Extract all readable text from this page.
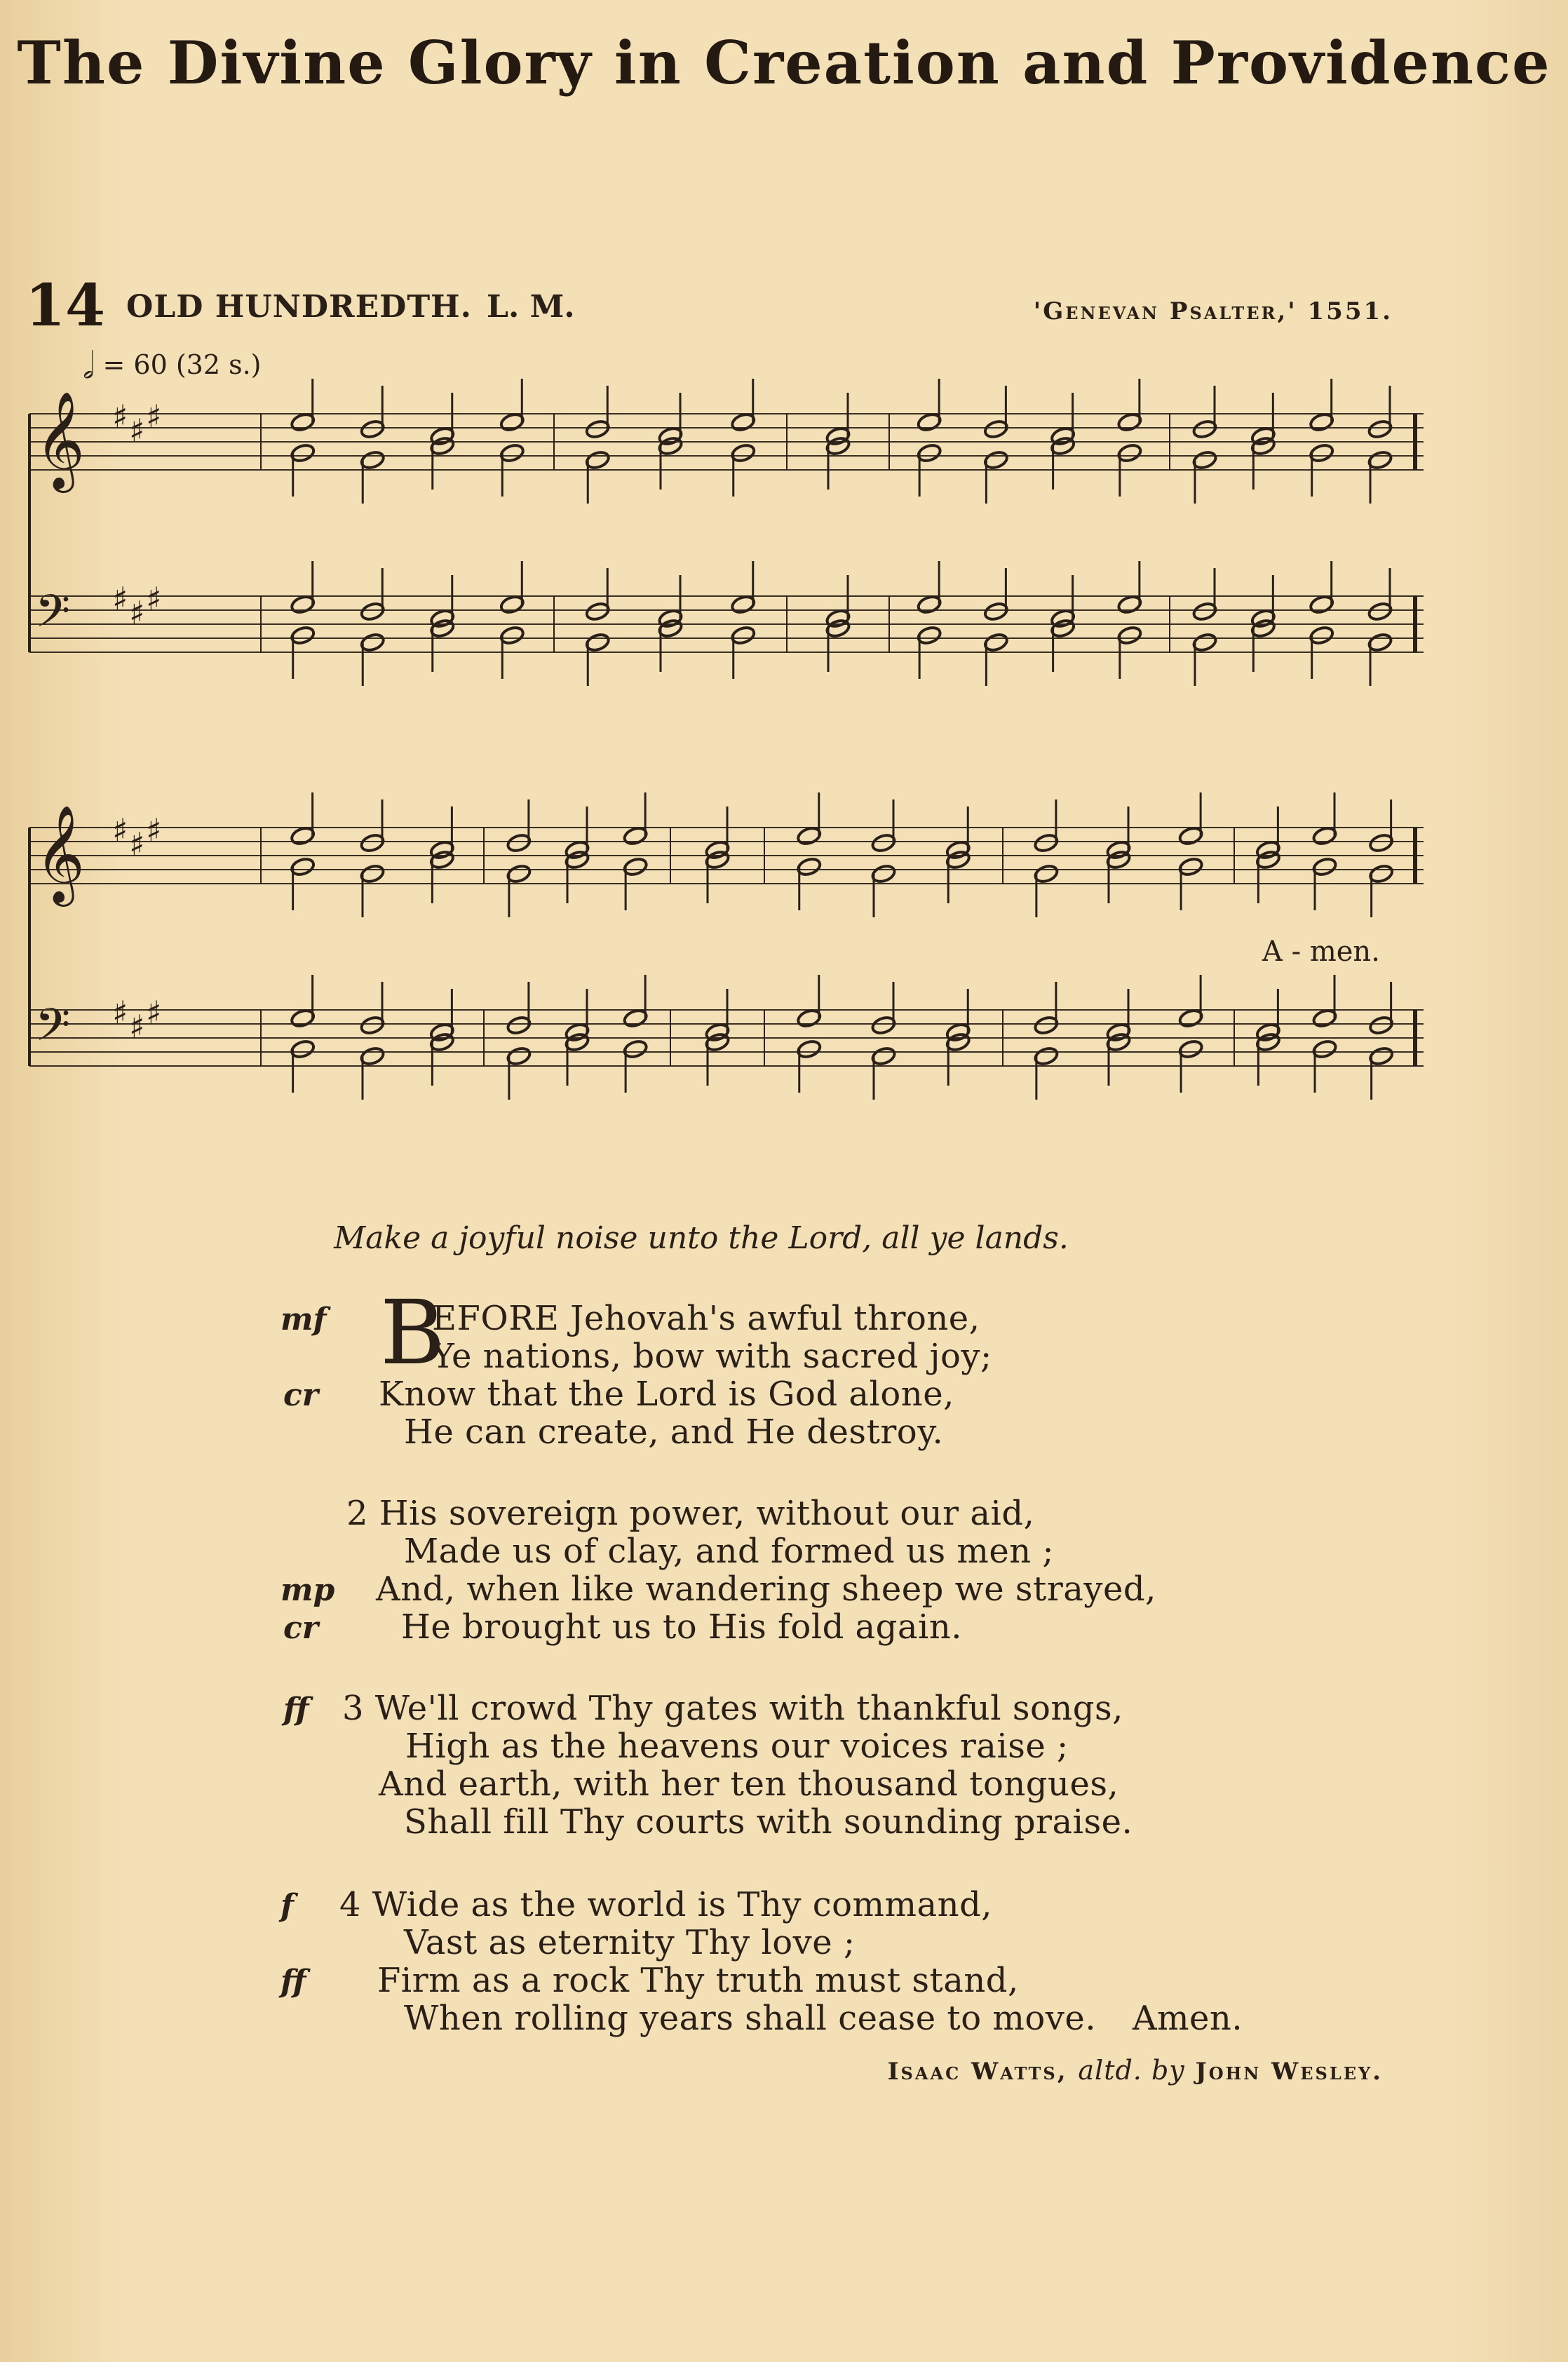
The Divine Glory in Creation and Providence
14 OLD HUNDREDTH. L. M.	'Genevan Psalter,' 1551.
𝅗𝅥 = 60 (32 s.)
𝄞 ♯ ♯ ♯
𝄢 ♯ ♯ ♯
𝄞 ♯ ♯ ♯
𝄢 ♯ ♯ ♯
A - men.
Make a joyful noise unto the Lord, all ye lands.
B
mf	EFORE Jehovah's awful throne,
Ye nations, bow with sacred joy;
cr Know that the Lord is God alone,
He can create, and He destroy.
2 His sovereign power, without our aid,
Made us of clay, and formed us men ;
mp And, when like wandering sheep we strayed,
cr He brought us to His fold again.
ff 3 We'll crowd Thy gates with thankful songs,
High as the heavens our voices raise ;
And earth, with her ten thousand tongues,
Shall fill Thy courts with sounding praise.
f 4 Wide as the world is Thy command,
Vast as eternity Thy love ;
ff Firm as a rock Thy truth must stand,
When rolling years shall cease to move. Amen.
Isaac Watts, altd. by John Wesley.
